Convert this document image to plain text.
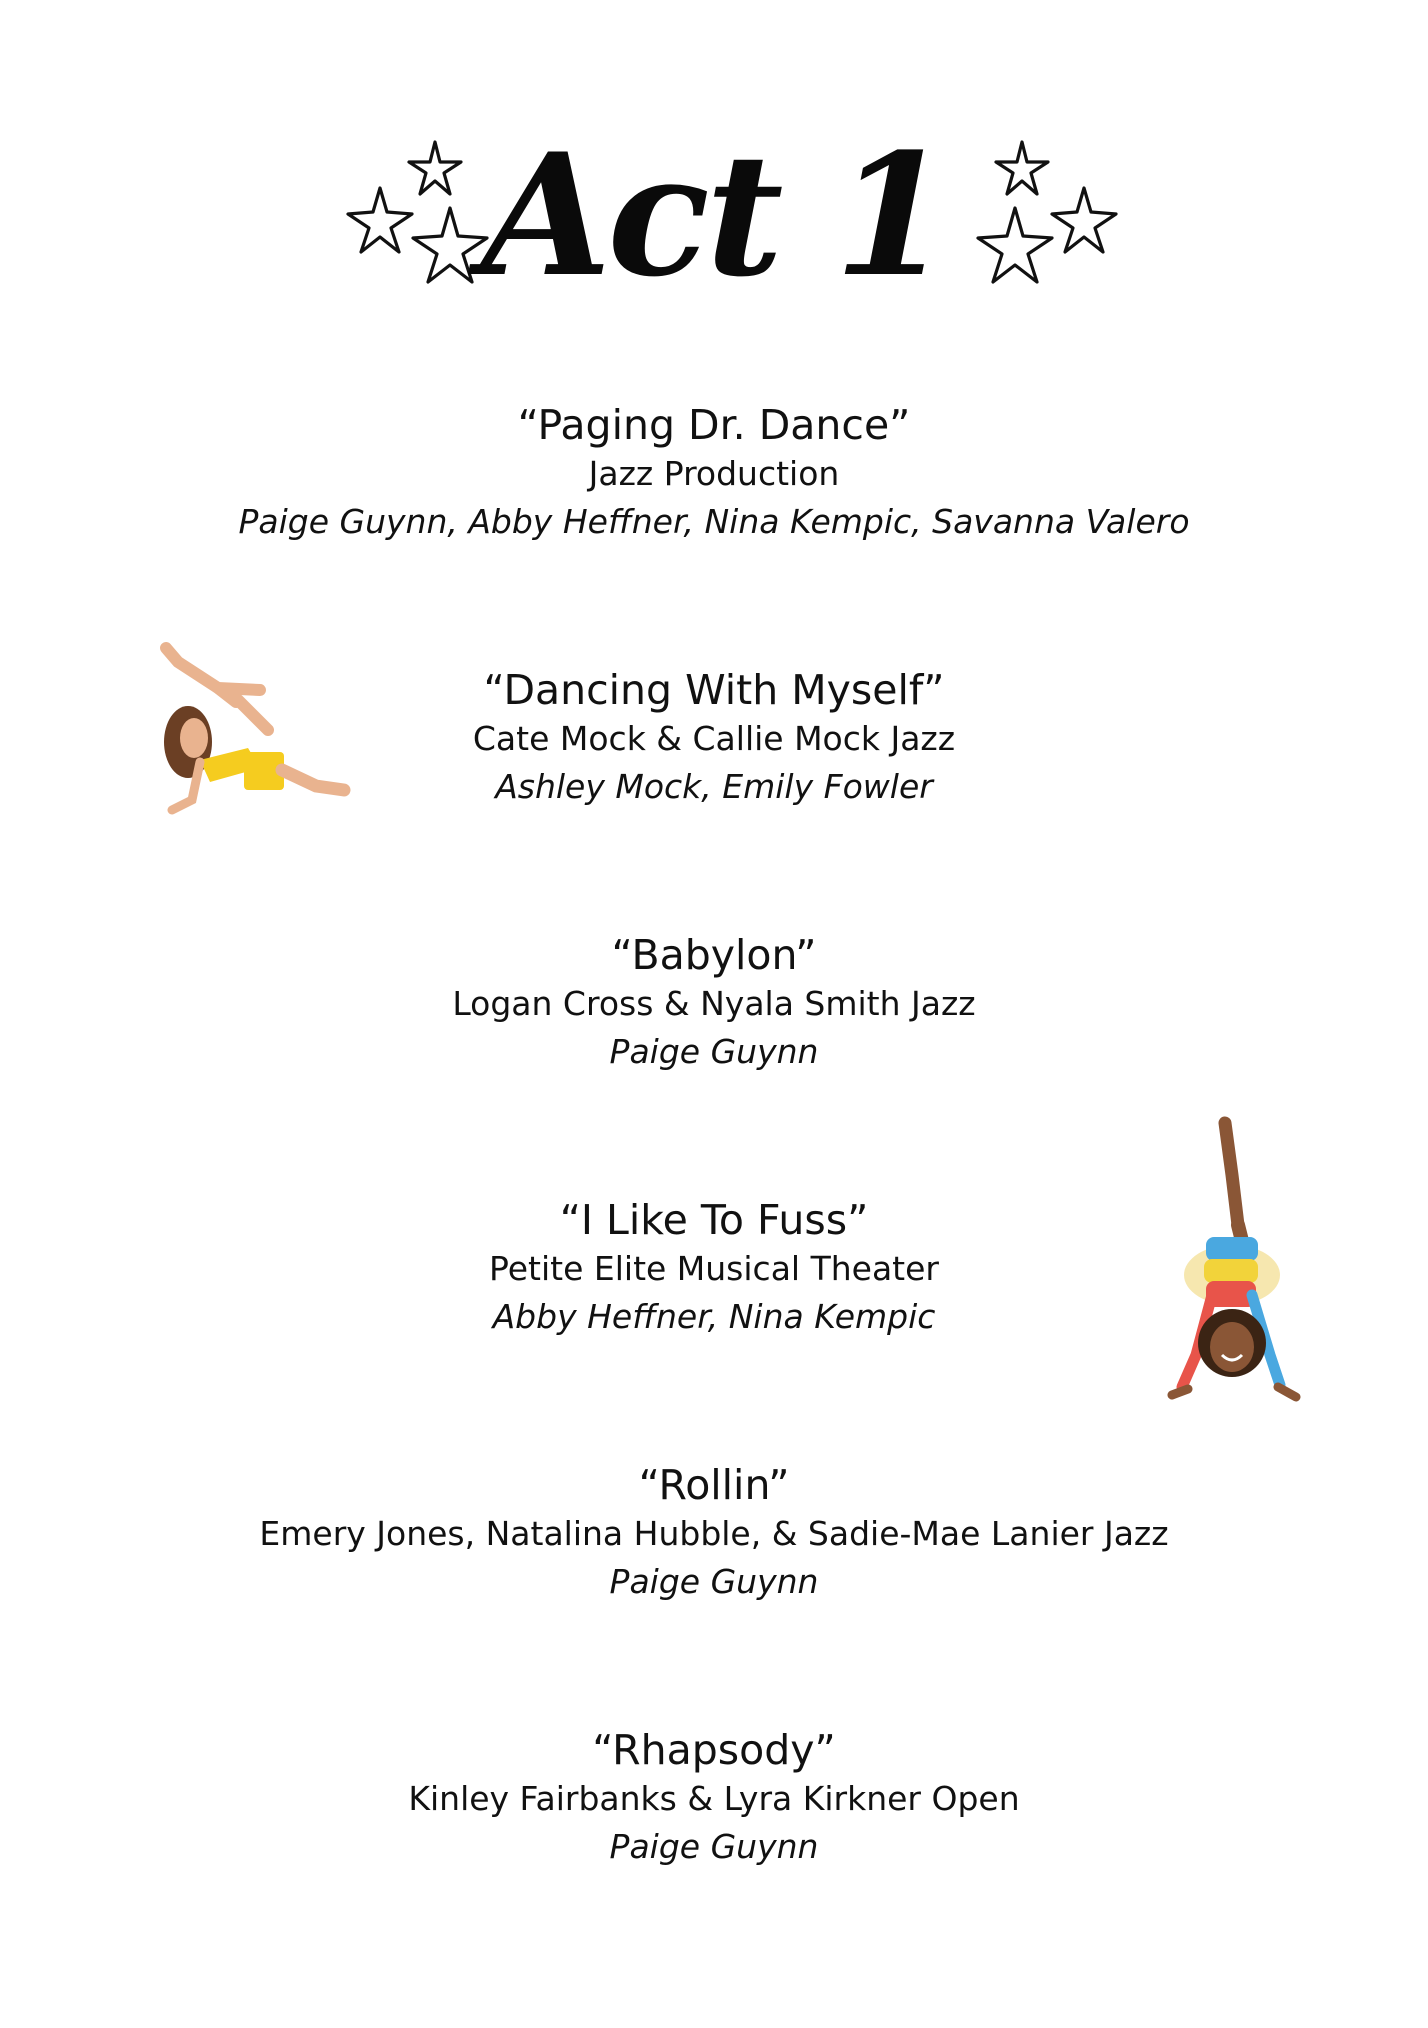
Act 1
“Paging Dr. Dance”
Jazz Production
Paige Guynn, Abby Heffner, Nina Kempic, Savanna Valero
“Dancing With Myself”
Cate Mock & Callie Mock Jazz
Ashley Mock, Emily Fowler
“Babylon”
Logan Cross & Nyala Smith Jazz
Paige Guynn
“I Like To Fuss”
Petite Elite Musical Theater
Abby Heffner, Nina Kempic
“Rollin”
Emery Jones, Natalina Hubble, & Sadie-Mae Lanier Jazz
Paige Guynn
“Rhapsody”
Kinley Fairbanks & Lyra Kirkner Open
Paige Guynn
